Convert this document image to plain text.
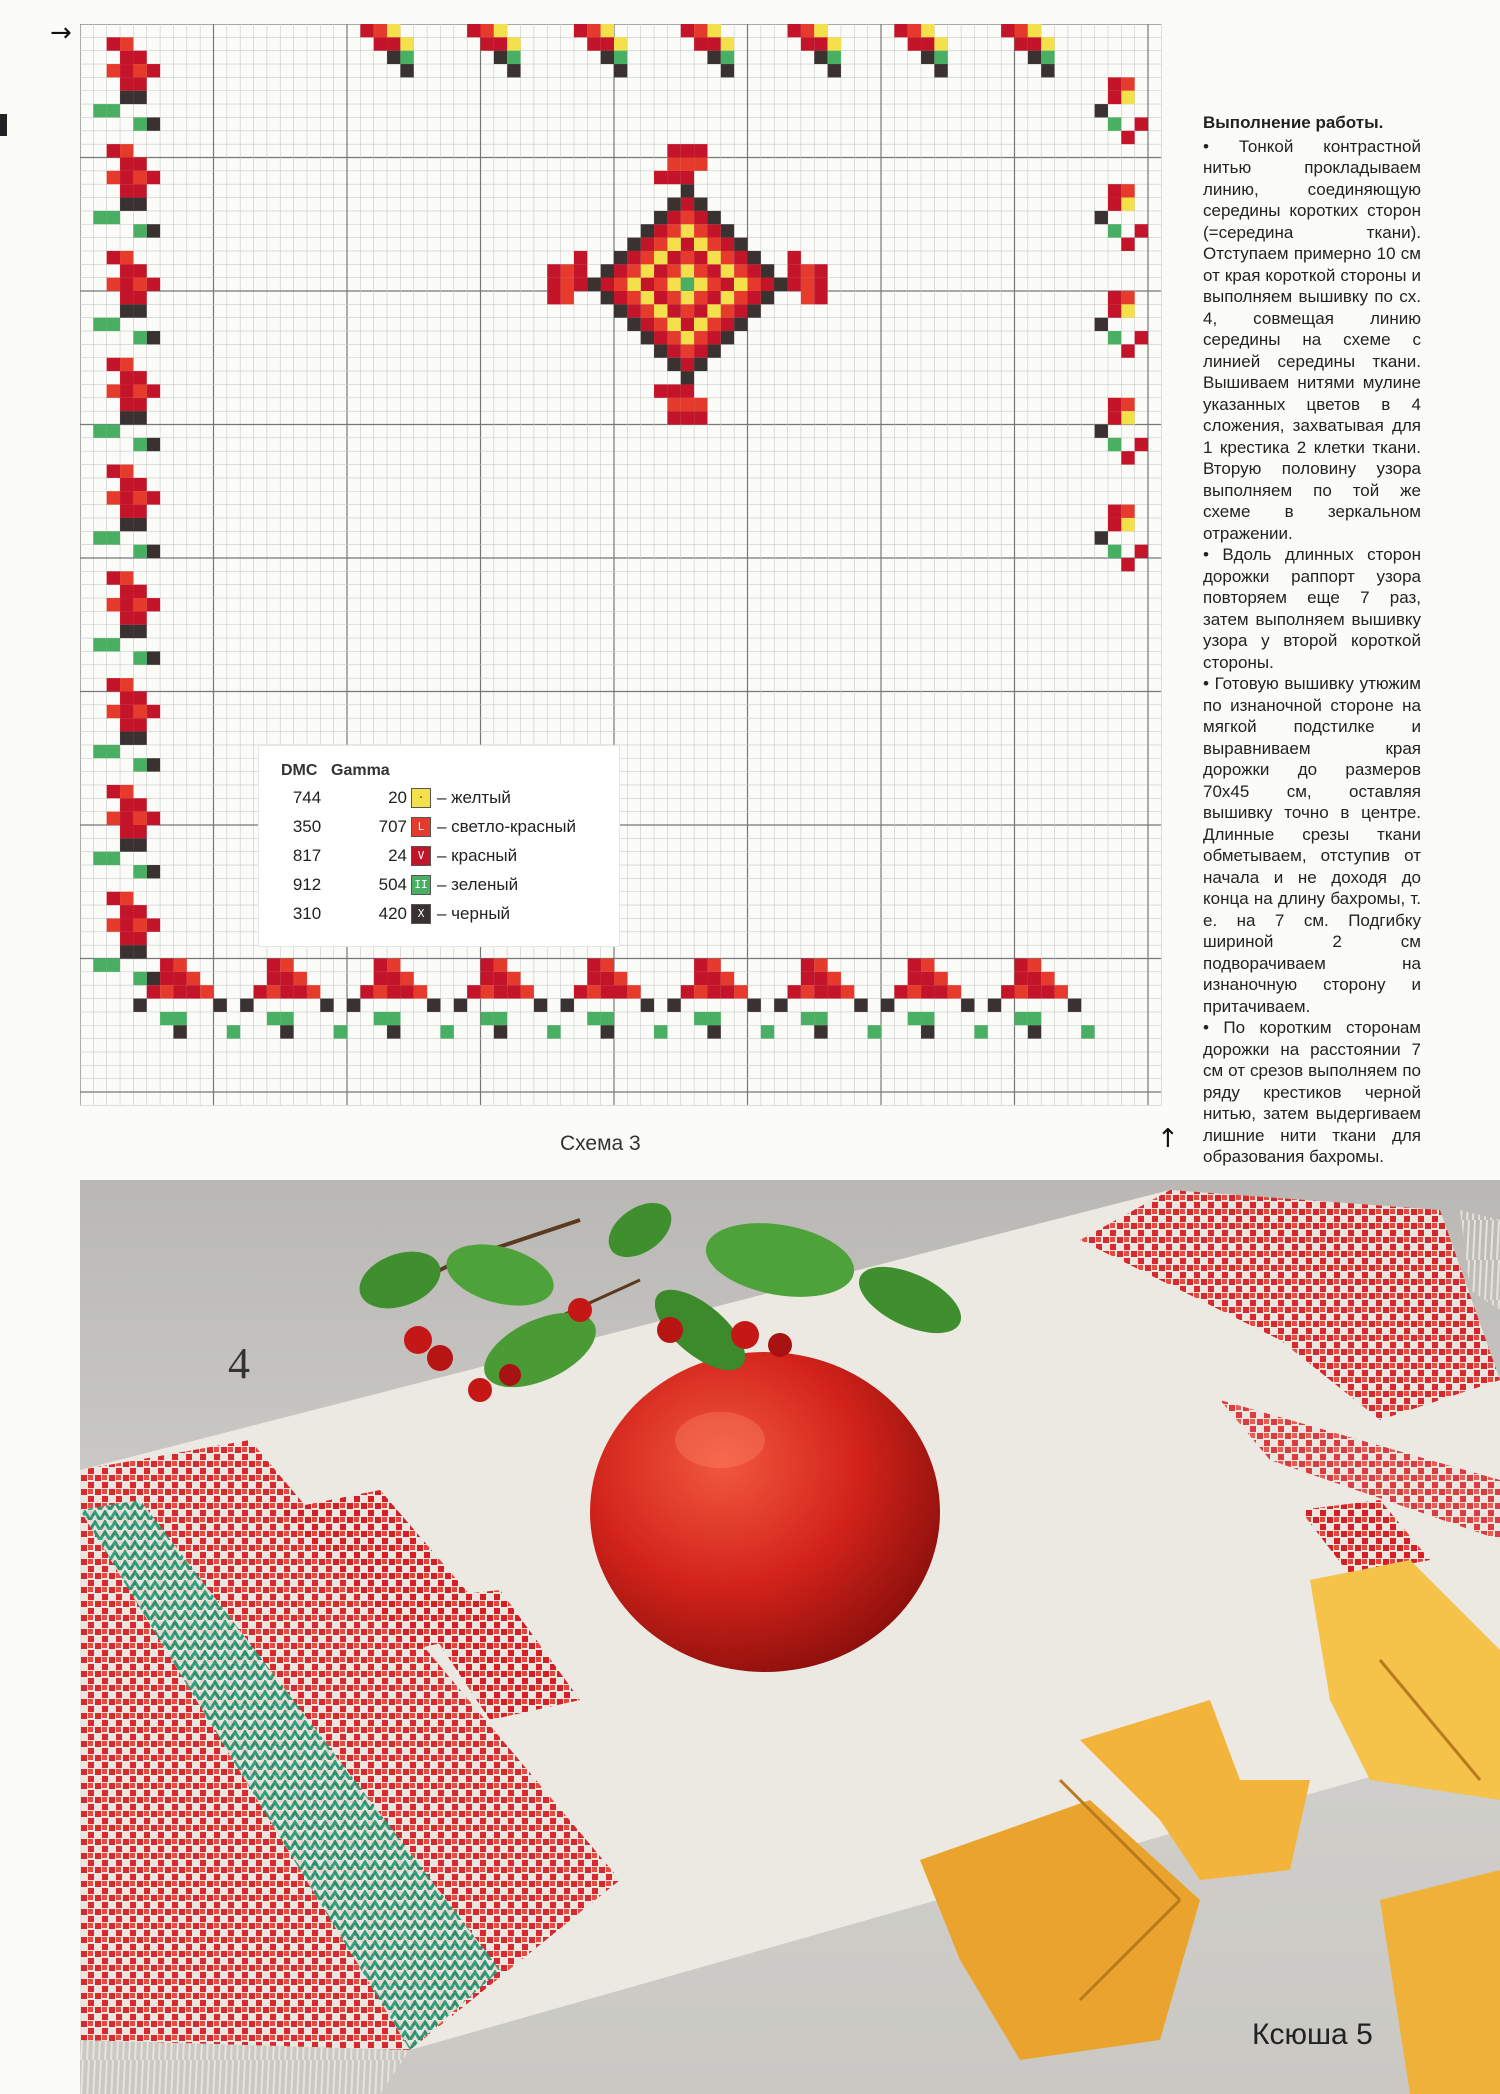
→
↑
Схема 3
DMC Gamma
744	20 · – желтый
350	707 L – светло-красный
817	24 V – красный
912	504 II – зеленый
310	420 X – черный
Выполнение работы.

• Тонкой контрастной нитью прокладываем линию, соединяющую середины коротких сторон (=середина ткани). Отступаем примерно 10 см от края короткой стороны и выполняем вышивку по сх. 4, совмещая линию середины на схеме с линией середины ткани. Вышиваем нитями мулине указанных цветов в 4 сложения, захватывая для 1 крестика 2 клетки ткани. Вторую половину узора выполняем по той же схеме в зеркальном отражении.

• Вдоль длинных сторон дорожки раппорт узора повторяем еще 7 раз, затем выполняем вышивку узора у второй короткой стороны.

• Готовую вышивку утюжим по изнаночной стороне на мягкой подстилке и выравниваем края дорожки до размеров 70х45 см, оставляя вышивку точно в центре. Длинные срезы ткани обметываем, отступив от начала и не доходя до конца на длину бахромы, т. е. на 7 см. Подгибку шириной 2 см подворачиваем на изнаночную сторону и притачиваем.

• По коротким сторонам дорожки на расстоянии 7 см от срезов выполняем по ряду крестиков черной нитью, затем выдергиваем лишние нити ткани для образования бахромы.

4
Ксюша 5
